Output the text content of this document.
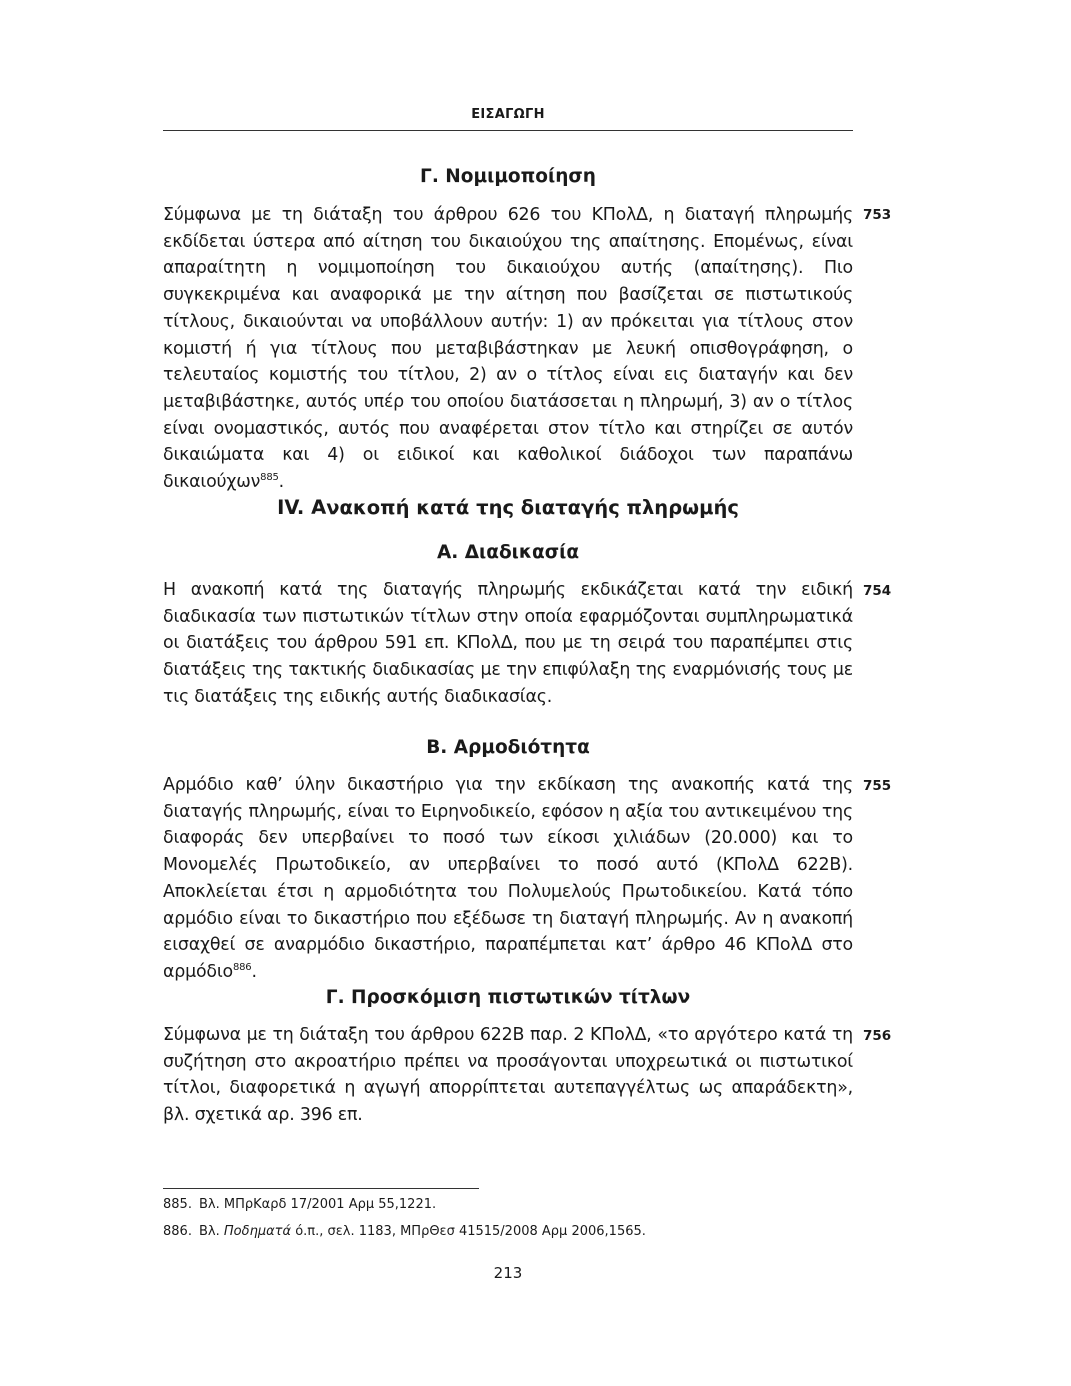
ΕΙΣΑΓΩΓΗ
Γ. Νομιμοποίηση

Σύμφωνα με τη διάταξη του άρθρου 626 του ΚΠολΔ, η διαταγή πληρωμής εκδίδεται ύστερα από αίτηση του δικαιούχου της απαίτησης. Επομένως, είναι απαραίτητη η νομιμοποίηση του δικαιούχου αυτής (απαίτησης). Πιο συγκεκριμένα και αναφορικά με την αίτηση που βασίζεται σε πιστωτικούς τίτλους, δικαιούνται να υποβάλλουν αυτήν: 1) αν πρόκειται για τίτλους στον κομιστή ή για τίτλους που μεταβιβάστηκαν με λευκή οπισθογράφηση, ο τελευταίος κομιστής του τίτλου, 2) αν ο τίτλος είναι εις διαταγήν και δεν μεταβιβάστηκε, αυτός υπέρ του οποίου διατάσσεται η πληρωμή, 3) αν ο τίτλος είναι ονομαστικός, αυτός που αναφέρεται στον τίτλο και στηρίζει σε αυτόν δικαιώματα και 4) οι ειδικοί και καθολικοί διάδοχοι των παραπάνω δικαιούχων$^{885}$.

753
IV. Ανακοπή κατά της διαταγής πληρωμής
Α. Διαδικασία

Η ανακοπή κατά της διαταγής πληρωμής εκδικάζεται κατά την ειδική διαδικασία των πιστωτικών τίτλων στην οποία εφαρμόζονται συμπληρωματικά οι διατάξεις του άρθρου 591 επ. ΚΠολΔ, που με τη σειρά του παραπέμπει στις διατάξεις της τακτικής διαδικασίας με την επιφύλαξη της εναρμόνισής τους με τις διατάξεις της ειδικής αυτής διαδικασίας.

754
Β. Αρμοδιότητα

Αρμόδιο καθ’ ύλην δικαστήριο για την εκδίκαση της ανακοπής κατά της διαταγής πληρωμής, είναι το Ειρηνοδικείο, εφόσον η αξία του αντικειμένου της διαφοράς δεν υπερβαίνει το ποσό των είκοσι χιλιάδων (20.000) και το Μονομελές Πρωτοδικείο, αν υπερβαίνει το ποσό αυτό (ΚΠολΔ 622Β). Αποκλείεται έτσι η αρμοδιότητα του Πολυμελούς Πρωτοδικείου. Κατά τόπο αρμόδιο είναι το δικαστήριο που εξέδωσε τη διαταγή πληρωμής. Αν η ανακοπή εισαχθεί σε αναρμόδιο δικαστήριο, παραπέμπεται κατ’ άρθρο 46 ΚΠολΔ στο αρμόδιο$^{886}$.

755
Γ. Προσκόμιση πιστωτικών τίτλων

Σύμφωνα με τη διάταξη του άρθρου 622Β παρ. 2 ΚΠολΔ, «το αργότερο κατά τη συζήτηση στο ακροατήριο πρέπει να προσάγονται υποχρεωτικά οι πιστωτικοί τίτλοι, διαφορετικά η αγωγή απορρίπτεται αυτεπαγγέλτως ως απαράδεκτη», βλ. σχετικά αρ. 396 επ.

756
885. Βλ. ΜΠρΚαρδ 17/2001 Αρμ 55,1221.
886. Βλ. Ποδηματά ό.π., σελ. 1183, ΜΠρΘεσ 41515/2008 Αρμ 2006,1565.
213
